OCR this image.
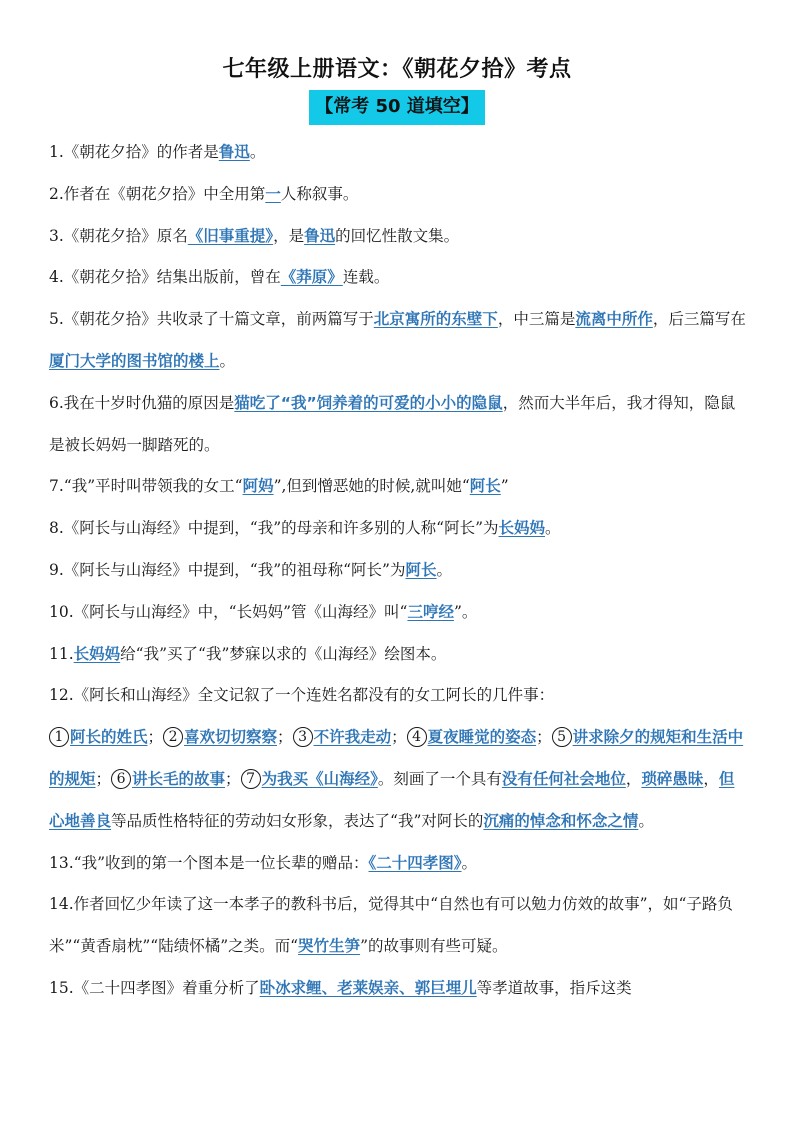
七年级上册语文：《朝花夕拾》考点
【常考 50 道填空】

1.《朝花夕拾》的作者是鲁迅。

2.作者在《朝花夕拾》中全用第一人称叙事。

3.《朝花夕拾》原名《旧事重提》，是鲁迅的回忆性散文集。

4.《朝花夕拾》结集出版前，曾在《莽原》连载。

5.《朝花夕拾》共收录了十篇文章，前两篇写于北京寓所的东壁下，中三篇是流离中所作，后三篇写在厦门大学的图书馆的楼上。

6.我在十岁时仇猫的原因是猫吃了“我”饲养着的可爱的小小的隐鼠，然而大半年后，我才得知，隐鼠是被长妈妈一脚踏死的。

7.“我”平时叫带领我的女工“阿妈”,但到憎恶她的时候,就叫她“阿长”

8.《阿长与山海经》中提到，“我”的母亲和许多别的人称“阿长”为长妈妈。

9.《阿长与山海经》中提到，“我”的祖母称“阿长”为阿长。

10.《阿长与山海经》中，“长妈妈”管《山海经》叫“三哼经”。

11.长妈妈给“我”买了“我”梦寐以求的《山海经》绘图本。

12.《阿长和山海经》全文记叙了一个连姓名都没有的女工阿长的几件事：
1 阿长的姓氏； 2 喜欢切切察察； 3 不许我走动； 4 夏夜睡觉的姿态； 5 讲求除夕的规矩和生活中的规矩； 6 讲长毛的故事； 7 为我买《山海经》。刻画了一个具有没有任何社会地位，琐碎愚昧，但心地善良等品质性格特征的劳动妇女形象，表达了“我”对阿长的沉痛的悼念和怀念之情。

13.“我”收到的第一个图本是一位长辈的赠品：《二十四孝图》。

14.作者回忆少年读了这一本孝子的教科书后，觉得其中“自然也有可以勉力仿效的故事”，如“子路负米”“黄香扇枕”“陆绩怀橘”之类。而“哭竹生笋”的故事则有些可疑。

15.《二十四孝图》着重分析了卧冰求鲤、老莱娱亲、郭巨埋儿等孝道故事，指斥这类
